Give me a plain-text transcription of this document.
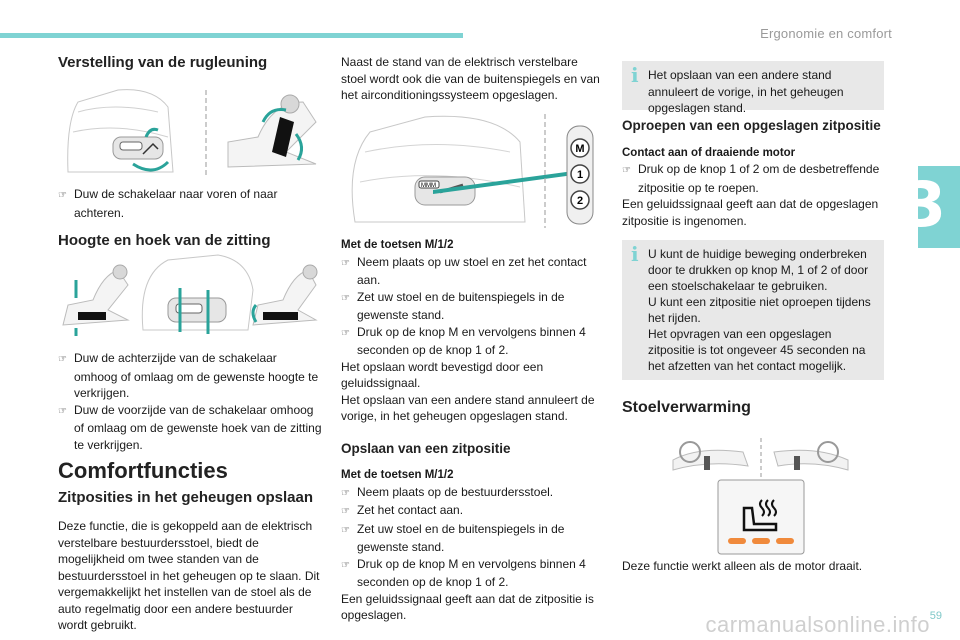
Ergonomie en comfort
3
Verstelling van de rugleuning

☞ Duw de schakelaar naar voren of naar achteren.

Hoogte en hoek van de zitting

☞ Duw de achterzijde van de schakelaar omhoog of omlaag om de gewenste hoogte te verkrijgen.

☞ Duw de voorzijde van de schakelaar omhoog of omlaag om de gewenste hoek van de zitting te verkrijgen.

Comfortfuncties
Zitposities in het geheugen opslaan

Deze functie, die is gekoppeld aan de elektrisch verstelbare bestuurdersstoel, biedt de mogelijkheid om twee standen van de bestuurdersstoel in het geheugen op te slaan. Dit vergemakkelijkt het instellen van de stoel als de auto regelmatig door een andere bestuurder wordt gebruikt.

Naast de stand van de elektrisch verstelbare stoel wordt ook die van de buitenspiegels en van het airconditioningssysteem opgeslagen.

MMM
M
1
2

Met de toetsen M/1/2

☞ Neem plaats op uw stoel en zet het contact aan.

☞ Zet uw stoel en de buitenspiegels in de gewenste stand.

☞ Druk op de knop M en vervolgens binnen 4 seconden op de knop 1 of 2.

Het opslaan wordt bevestigd door een geluidssignaal.

Het opslaan van een andere stand annuleert de vorige, in het geheugen opgeslagen stand.

Opslaan van een zitpositie

Met de toetsen M/1/2

☞ Neem plaats op de bestuurdersstoel.

☞ Zet het contact aan.

☞ Zet uw stoel en de buitenspiegels in de gewenste stand.

☞ Druk op de knop M en vervolgens binnen 4 seconden op de knop 1 of 2.

Een geluidssignaal geeft aan dat de zitpositie is opgeslagen.

i Het opslaan van een andere stand annuleert de vorige, in het geheugen opgeslagen stand.
Oproepen van een opgeslagen zitpositie

Contact aan of draaiende motor

☞ Druk op de knop 1 of 2 om de desbetreffende zitpositie op te roepen.

Een geluidssignaal geeft aan dat de opgeslagen zitpositie is ingenomen.

i U kunt de huidige beweging onderbreken door te drukken op knop M, 1 of 2 of door een stoelschakelaar te gebruiken.

U kunt een zitpositie niet oproepen tijdens het rijden.

Het opvragen van een opgeslagen zitpositie is tot ongeveer 45 seconden na het afzetten van het contact mogelijk.

Stoelverwarming

Deze functie werkt alleen als de motor draait.

carmanualsonline.info 59
